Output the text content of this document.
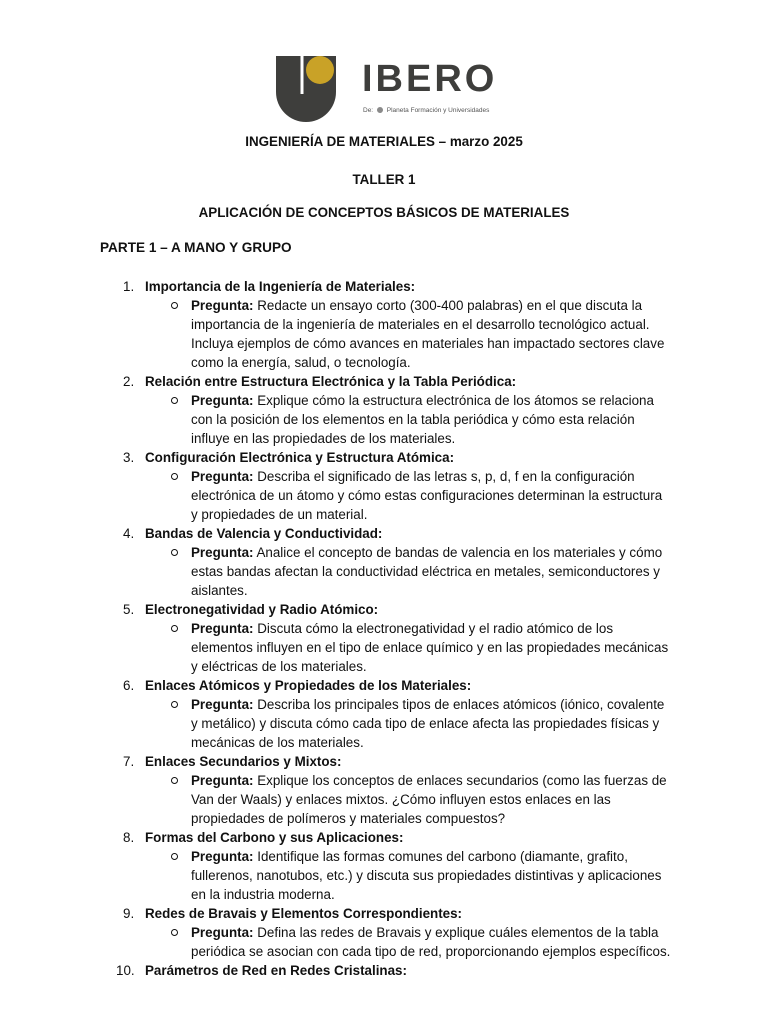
IBERO
De: Planeta Formación y Universidades
INGENIERÍA DE MATERIALES – marzo 2025
TALLER 1
APLICACIÓN DE CONCEPTOS BÁSICOS DE MATERIALES
PARTE 1 – A MANO Y GRUPO
1. Importancia de la Ingeniería de Materiales:
Pregunta: Redacte un ensayo corto (300-400 palabras) en el que discuta la importancia de la ingeniería de materiales en el desarrollo tecnológico actual. Incluya ejemplos de cómo avances en materiales han impactado sectores clave como la energía, salud, o tecnología.
2. Relación entre Estructura Electrónica y la Tabla Periódica:
Pregunta: Explique cómo la estructura electrónica de los átomos se relaciona con la posición de los elementos en la tabla periódica y cómo esta relación influye en las propiedades de los materiales.
3. Configuración Electrónica y Estructura Atómica:
Pregunta: Describa el significado de las letras s, p, d, f en la configuración electrónica de un átomo y cómo estas configuraciones determinan la estructura y propiedades de un material.
4. Bandas de Valencia y Conductividad:
Pregunta: Analice el concepto de bandas de valencia en los materiales y cómo estas bandas afectan la conductividad eléctrica en metales, semiconductores y aislantes.
5. Electronegatividad y Radio Atómico:
Pregunta: Discuta cómo la electronegatividad y el radio atómico de los elementos influyen en el tipo de enlace químico y en las propiedades mecánicas y eléctricas de los materiales.
6. Enlaces Atómicos y Propiedades de los Materiales:
Pregunta: Describa los principales tipos de enlaces atómicos (iónico, covalente y metálico) y discuta cómo cada tipo de enlace afecta las propiedades físicas y mecánicas de los materiales.
7. Enlaces Secundarios y Mixtos:
Pregunta: Explique los conceptos de enlaces secundarios (como las fuerzas de Van der Waals) y enlaces mixtos. ¿Cómo influyen estos enlaces en las propiedades de polímeros y materiales compuestos?
8. Formas del Carbono y sus Aplicaciones:
Pregunta: Identifique las formas comunes del carbono (diamante, grafito, fullerenos, nanotubos, etc.) y discuta sus propiedades distintivas y aplicaciones en la industria moderna.
9. Redes de Bravais y Elementos Correspondientes:
Pregunta: Defina las redes de Bravais y explique cuáles elementos de la tabla periódica se asocian con cada tipo de red, proporcionando ejemplos específicos.
10. Parámetros de Red en Redes Cristalinas:
